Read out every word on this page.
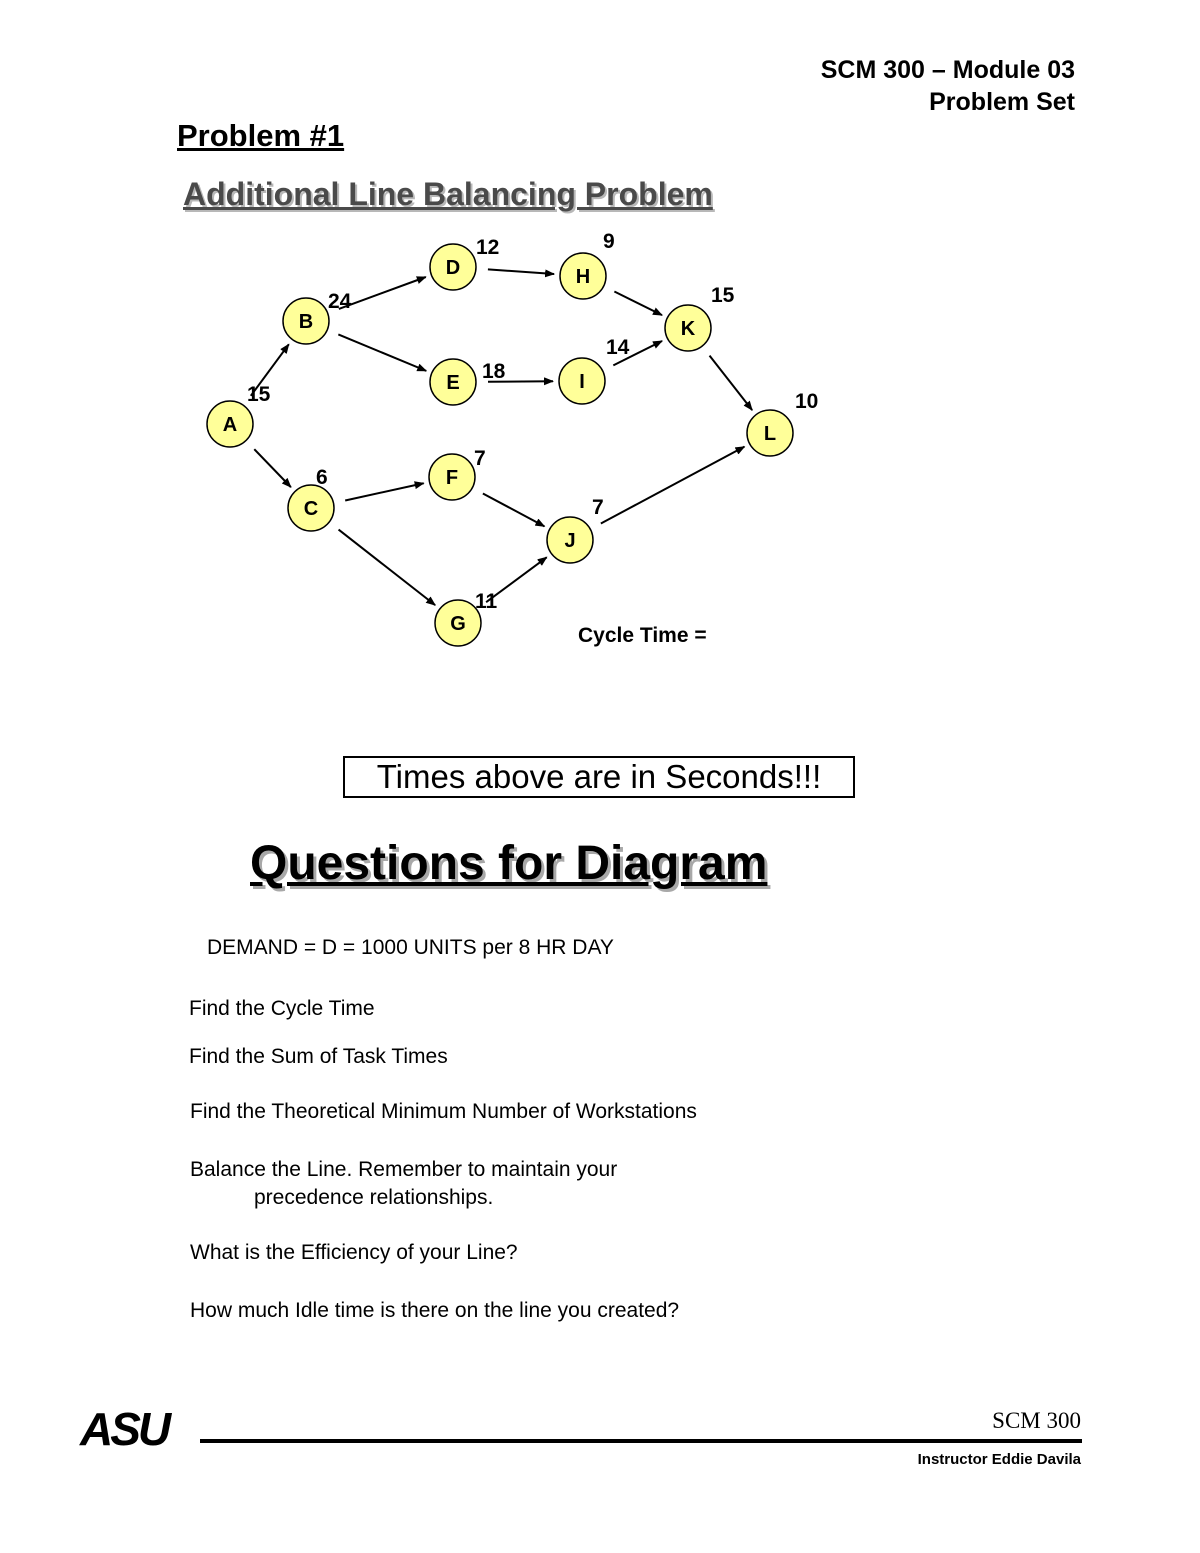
SCM 300 – Module 03
Problem Set
Problem #1
Additional Line Balancing Problem
A
15
B
24
C
6
D
12
E 18
F
7
G
11
H
9
I
14
J
7
K
15
L
10
Cycle Time =
Times above are in Seconds!!!
Questions for Diagram
DEMAND = D = 1000 UNITS per 8 HR DAY
Find the Cycle Time
Find the Sum of Task Times
Find the Theoretical Minimum Number of Workstations
Balance the Line. Remember to maintain your
precedence relationships.
What is the Efficiency of your Line?
How much Idle time is there on the line you created?
ASU	SCM 300
Instructor Eddie Davila
